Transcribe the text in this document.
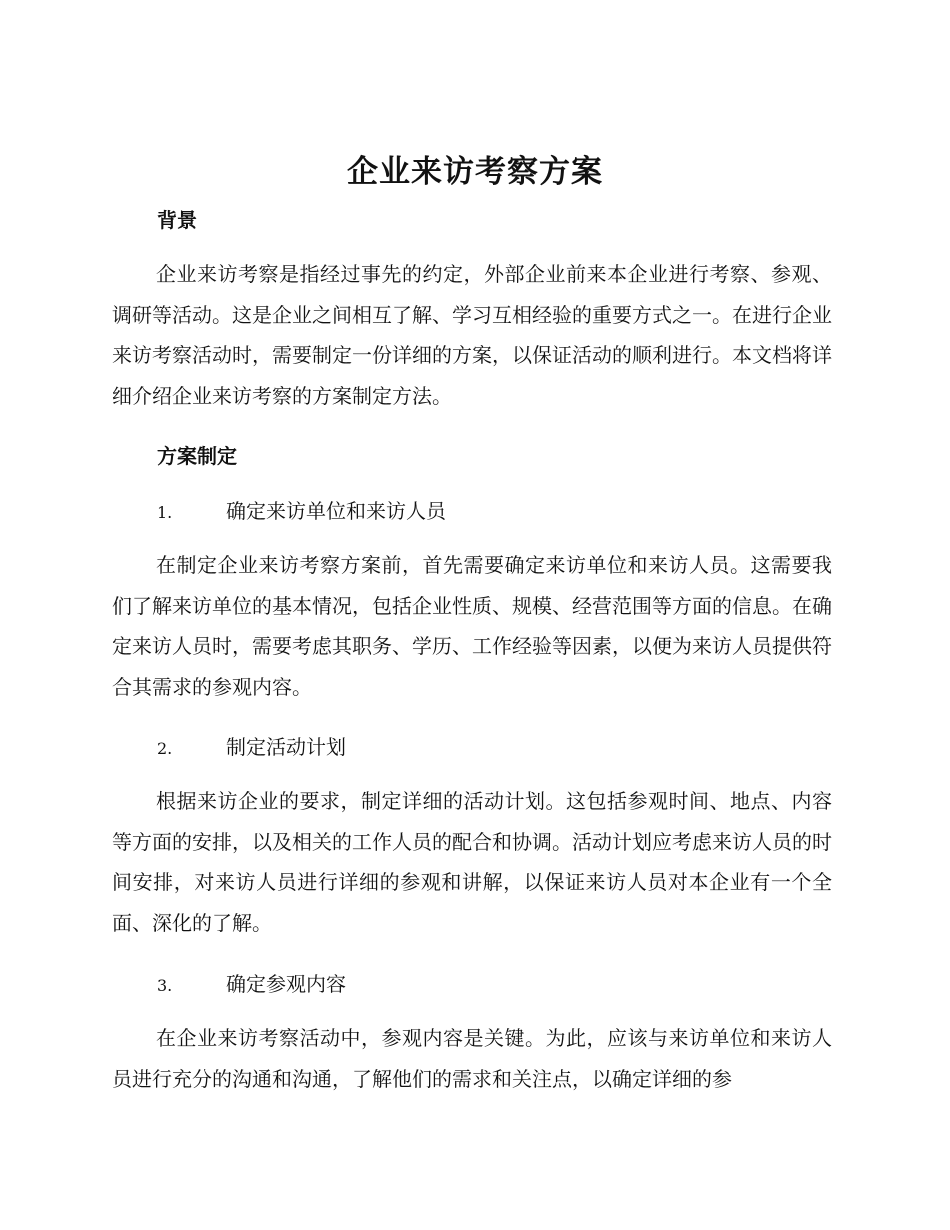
企业来访考察方案
背景
企业来访考察是指经过事先的约定，外部企业前来本企业进行考察、参观、调研等活动。这是企业之间相互了解、学习互相经验的重要方式之一。在进行企业来访考察活动时，需要制定一份详细的方案，以保证活动的顺利进行。本文档将详细介绍企业来访考察的方案制定方法。
方案制定
1.	确定来访单位和来访人员
在制定企业来访考察方案前，首先需要确定来访单位和来访人员。这需要我们了解来访单位的基本情况，包括企业性质、规模、经营范围等方面的信息。在确定来访人员时，需要考虑其职务、学历、工作经验等因素，以便为来访人员提供符合其需求的参观内容。
2.	制定活动计划
根据来访企业的要求，制定详细的活动计划。这包括参观时间、地点、内容等方面的安排，以及相关的工作人员的配合和协调。活动计划应考虑来访人员的时间安排，对来访人员进行详细的参观和讲解，以保证来访人员对本企业有一个全面、深化的了解。
3.	确定参观内容
在企业来访考察活动中，参观内容是关键。为此，应该与来访单位和来访人员进行充分的沟通和沟通，了解他们的需求和关注点，以确定详细的参
